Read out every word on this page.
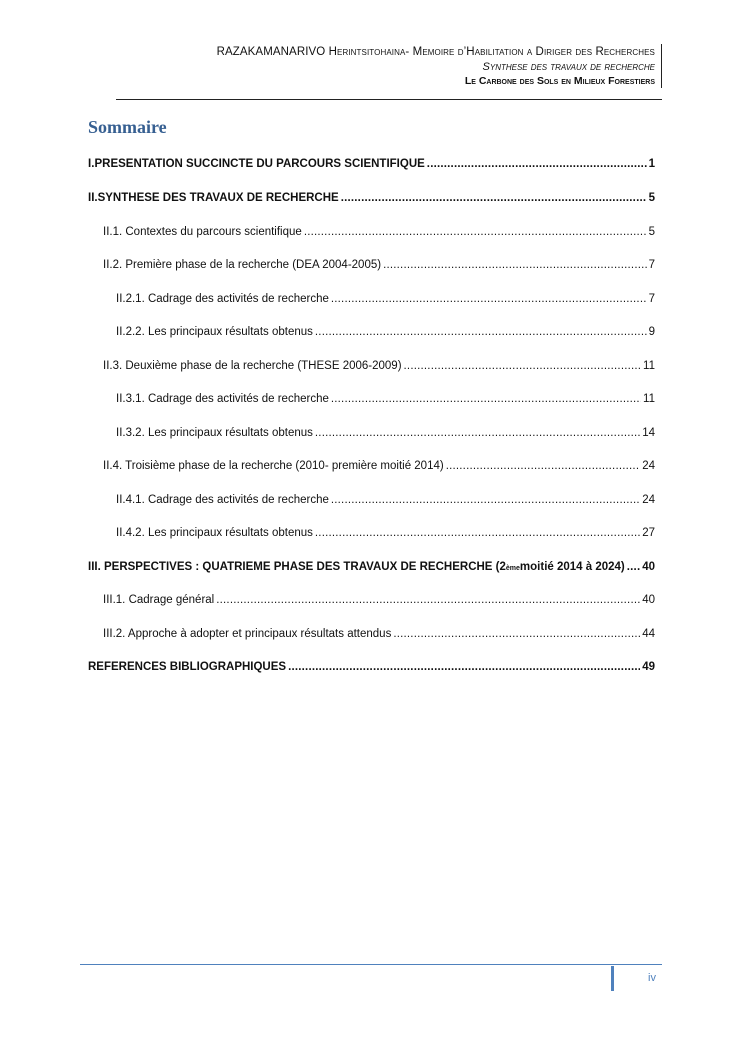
RAZAKAMANARIVO Herintsitohaina- Memoire d’Habilitation a Diriger des Recherches
Synthese des travaux de recherche
Le Carbone des Sols en Milieux Forestiers
Sommaire
I. PRESENTATION SUCCINCTE DU PARCOURS SCIENTIFIQUE .....	1
II. SYNTHESE DES TRAVAUX DE RECHERCHE .....	5
II.1. Contextes du parcours scientifique .....	5
II.2. Première phase de la recherche (DEA 2004-2005) .....	7
II.2.1. Cadrage des activités de recherche .....	7
II.2.2. Les principaux résultats obtenus .....	9
II.3. Deuxième phase de la recherche (THESE 2006-2009) .....	11
II.3.1. Cadrage des activités de recherche .....	11
II.3.2. Les principaux résultats obtenus .....	14
II.4. Troisième phase de la recherche (2010- première moitié 2014) .....	24
II.4.1. Cadrage des activités de recherche .....	24
II.4.2. Les principaux résultats obtenus .....	27
III. PERSPECTIVES : QUATRIEME PHASE DES TRAVAUX DE RECHERCHE (2 ème moitié 2014 à 2024) ..... 40
III.1. Cadrage général .....	40
III.2. Approche à adopter et principaux résultats attendus .....	44
REFERENCES BIBLIOGRAPHIQUES .....	49
iv
